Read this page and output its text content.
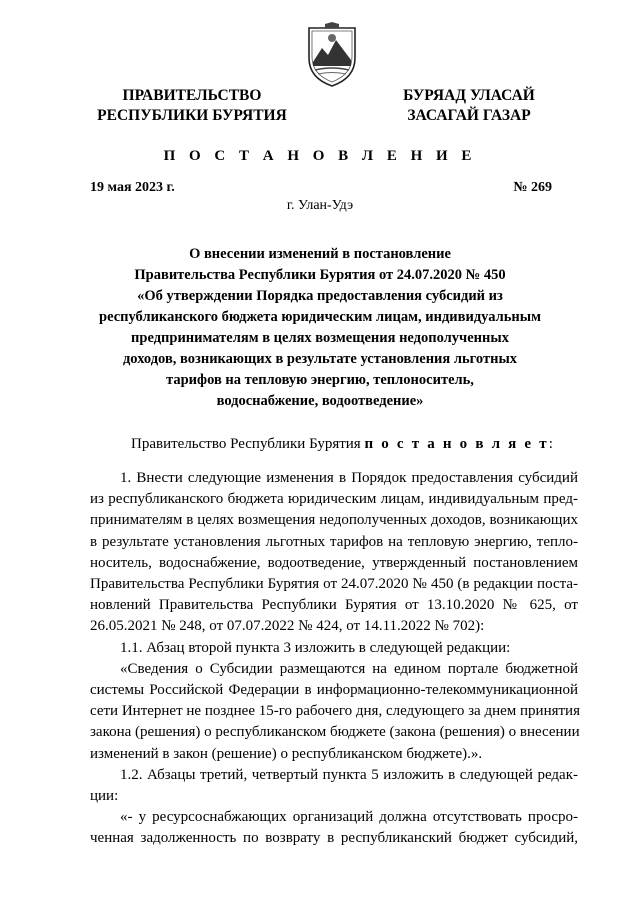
ПРАВИТЕЛЬСТВО
РЕСПУБЛИКИ БУРЯТИЯ
БУРЯАД УЛАСАЙ
ЗАСАГАЙ ГАЗАР
П О С Т А Н О В Л Е Н И Е
19 мая 2023 г.	№ 269
г. Улан-Удэ
О внесении изменений в постановление
Правительства Республики Бурятия от 24.07.2020 № 450
«Об утверждении Порядка предоставления субсидий из
республиканского бюджета юридическим лицам, индивидуальным
предпринимателям в целях возмещения недополученных
доходов, возникающих в результате установления льготных
тарифов на тепловую энергию, теплоноситель,
водоснабжение, водоотведение»
Правительство Республики Бурятия п о с т а н о в л я е т:
1. Внести следующие изменения в Порядок предоставления субсидий
из республиканского бюджета юридическим лицам, индивидуальным пред-
принимателям в целях возмещения недополученных доходов, возникающих
в результате установления льготных тарифов на тепловую энергию, тепло-
носитель, водоснабжение, водоотведение, утвержденный постановлением
Правительства Республики Бурятия от 24.07.2020 № 450 (в редакции поста-
новлений Правительства Республики Бурятия от 13.10.2020 № 625, от
26.05.2021 № 248, от 07.07.2022 № 424, от 14.11.2022 № 702):
1.1. Абзац второй пункта 3 изложить в следующей редакции:
«Сведения о Субсидии размещаются на едином портале бюджетной
системы Российской Федерации в информационно-телекоммуникационной
сети Интернет не позднее 15-го рабочего дня, следующего за днем принятия
закона (решения) о республиканском бюджете (закона (решения) о внесении
изменений в закон (решение) о республиканском бюджете).».
1.2. Абзацы третий, четвертый пункта 5 изложить в следующей редак-
ции:
«- у ресурсоснабжающих организаций должна отсутствовать просро-
ченная задолженность по возврату в республиканский бюджет субсидий,
